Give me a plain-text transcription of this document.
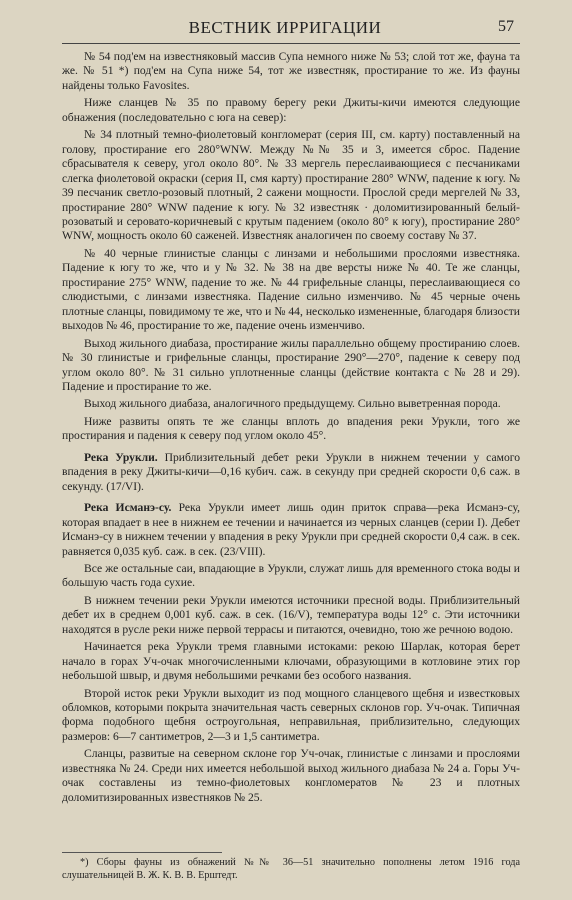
ВЕСТНИК ИРРИГАЦИИ	57

№ 54 под'ем на известняковый массив Супа немного ниже № 53; слой тот же, фауна та же. № 51 *) под'ем на Супа ниже 54, тот же известняк, простирание то же. Из фауны найдены только Favosites.

Ниже сланцев № 35 по правому берегу реки Джиты-кичи имеются следующие обнажения (последовательно с юга на север):

№ 34 плотный темно-фиолетовый конгломерат (серия III, см. карту) поставленный на голову, простирание его 280°WNW. Между №№ 35 и 3, имеется сброс. Падение сбрасывателя к северу, угол около 80°. № 33 мергель переслаивающиеся с песчаниками слегка фиолетовой окраски (серия II, смя карту) простирание 280° WNW, падение к югу. № 39 песчаник светло-розовый плотный, 2 сажени мощности. Прослой среди мергелей № 33, простирание 280° WNW падение к югу. № 32 известняк · доломитизированный белый-розоватый и серовато-коричневый с крутым падением (около 80° к югу), простирание 280° WNW, мощность около 60 саженей. Известняк аналогичен по своему составу № 37.

№ 40 черные глинистые сланцы с линзами и небольшими прослоями известняка. Падение к югу то же, что и у № 32. № 38 на две версты ниже № 40. Те же сланцы, простирание 275° WNW, падение то же. № 44 грифельные сланцы, переслаивающиеся со слюдистыми, с линзами известняка. Падение сильно изменчиво. № 45 черные очень плотные сланцы, повидимому те же, что и № 44, несколько измененные, благодаря близости выходов № 46, простирание то же, падение очень изменчиво.

Выход жильного диабаза, простирание жилы параллельно общему простиранию слоев. № 30 глинистые и грифельные сланцы, простирание 290°—270°, падение к северу под углом около 80°. № 31 сильно уплотненные сланцы (действие контакта с № 28 и 29). Падение и простирание то же.

Выход жильного диабаза, аналогичного предыдущему. Сильно выветренная порода.

Ниже развиты опять те же сланцы вплоть до впадения реки Урукли, того же простирания и падения к северу под углом около 45°.

Река Урукли. Приблизительный дебет реки Урукли в нижнем течении у самого впадения в реку Джиты-кичи—0,16 кубич. саж. в секунду при средней скорости 0,6 саж. в секунду. (17/VI).

Река Исманэ-су. Река Урукли имеет лишь один приток справа—река Исманэ-су, которая впадает в нее в нижнем ее течении и начинается из черных сланцев (серии I). Дебет Исманэ-су в нижнем течении у впадения в реку Урукли при средней скорости 0,4 саж. в сек. равняется 0,035 куб. саж. в сек. (23/VIII).

Все же остальные саи, впадающие в Урукли, служат лишь для временного стока воды и большую часть года сухие.

В нижнем течении реки Урукли имеются источники пресной воды. Приблизительный дебет их в среднем 0,001 куб. саж. в сек. (16/V), температура воды 12° с. Эти источники находятся в русле реки ниже первой террасы и питаются, очевидно, тою же речною водою.

Начинается река Урукли тремя главными истоками: рекою Шарлак, которая берет начало в горах Уч-очак многочисленными ключами, образующими в котловине этих гор небольшой швыр, и двумя небольшими речками без особого названия.

Второй исток реки Урукли выходит из под мощного сланцевого щебня и известковых обломков, которыми покрыта значительная часть северных склонов гор. Уч-очак. Типичная форма подобного щебня остроугольная, неправильная, приблизительно, следующих размеров: 6—7 сантиметров, 2—3 и 1,5 сантиметра.

Сланцы, развитые на северном склоне гор Уч-очак, глинистые с линзами и прослоями известняка № 24. Среди них имеется небольшой выход жильного диабаза № 24 а. Горы Уч-очак составлены из темно-фиолетовых конгломератов № 23 и плотных доломитизированных известняков № 25.

*) Сборы фауны из обнажений №№ 36—51 значительно пополнены летом 1916 года слушательницей В. Ж. К. В. В. Ерштедт.
